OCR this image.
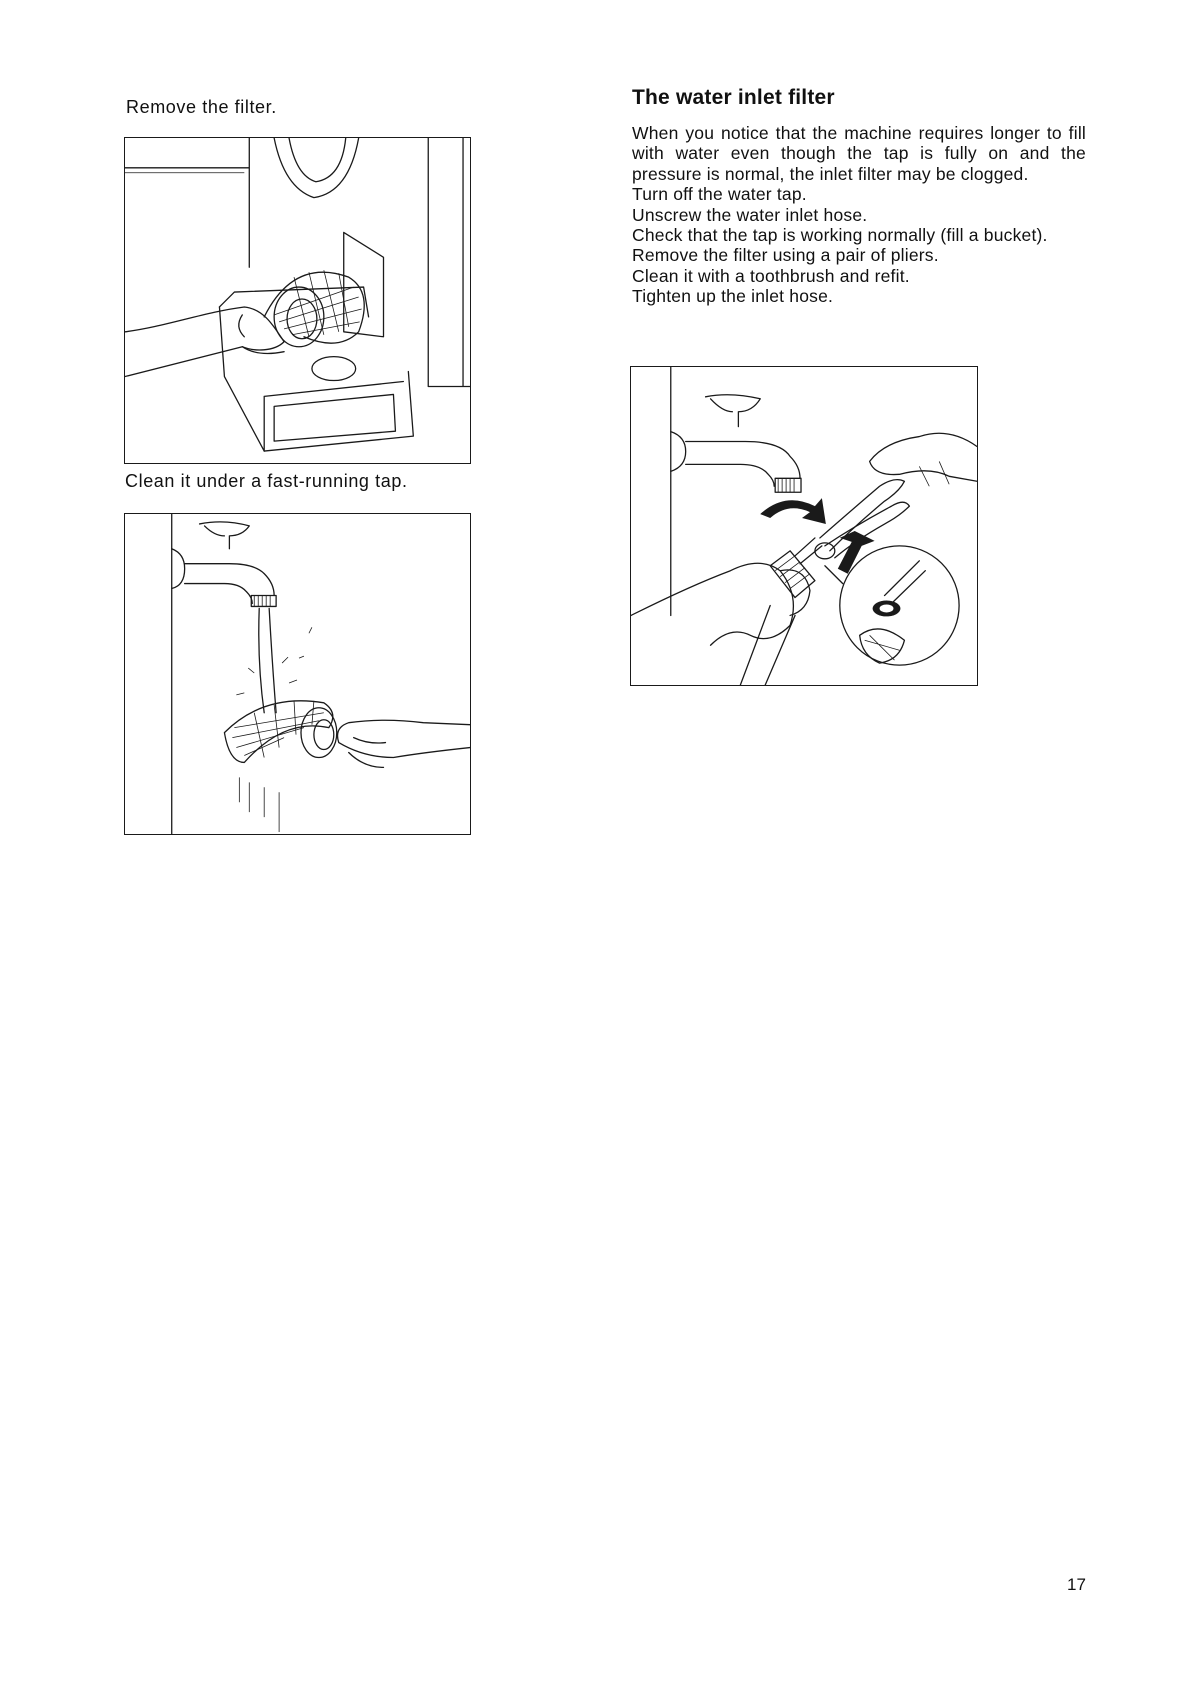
Remove the filter.

Clean it under a fast-running tap.

The water inlet filter

When you notice that the machine requires longer to fill with water even though the tap is fully on and the pressure is normal, the inlet filter may be clogged.

Turn off the water tap.

Unscrew the water inlet hose.

Check that the tap is working normally (fill a bucket).

Remove the filter using a pair of pliers.

Clean it with a toothbrush and refit.

Tighten up the inlet hose.

17
